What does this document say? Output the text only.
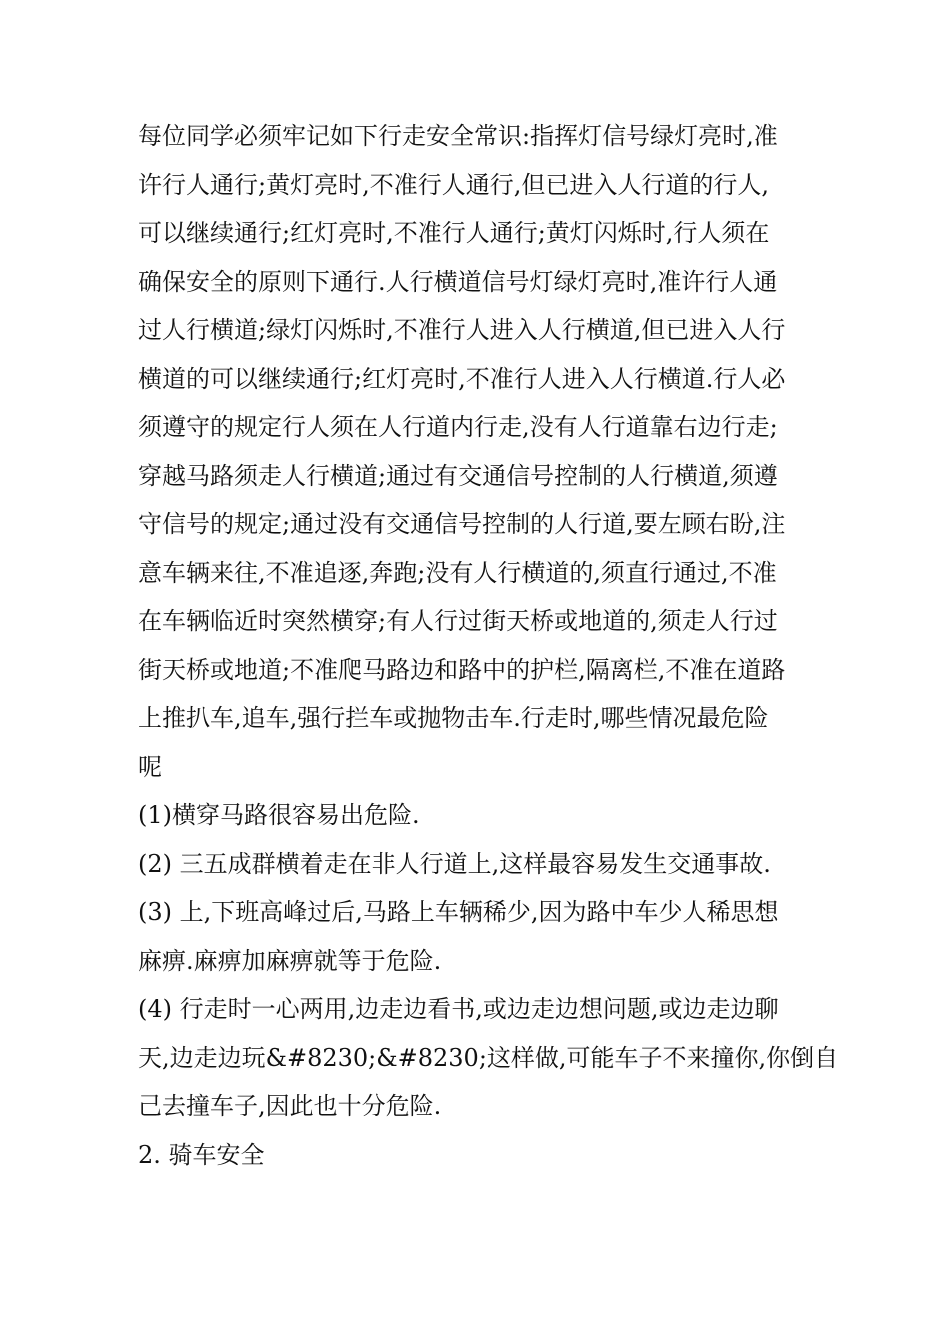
每位同学必须牢记如下行走安全常识:指挥灯信号绿灯亮时,准
许行人通行;黄灯亮时,不准行人通行,但已进入人行道的行人,
可以继续通行;红灯亮时,不准行人通行;黄灯闪烁时,行人须在
确保安全的原则下通行.人行横道信号灯绿灯亮时,准许行人通
过人行横道;绿灯闪烁时,不准行人进入人行横道,但已进入人行
横道的可以继续通行;红灯亮时,不准行人进入人行横道.行人必
须遵守的规定行人须在人行道内行走,没有人行道靠右边行走;
穿越马路须走人行横道;通过有交通信号控制的人行横道,须遵
守信号的规定;通过没有交通信号控制的人行道,要左顾右盼,注
意车辆来往,不准追逐,奔跑;没有人行横道的,须直行通过,不准
在车辆临近时突然横穿;有人行过街天桥或地道的,须走人行过
街天桥或地道;不准爬马路边和路中的护栏,隔离栏,不准在道路
上推扒车,追车,强行拦车或抛物击车.行走时,哪些情况最危险
呢
(1)横穿马路很容易出危险.
(2) 三五成群横着走在非人行道上,这样最容易发生交通事故.
(3) 上,下班高峰过后,马路上车辆稀少,因为路中车少人稀思想
麻痹.麻痹加麻痹就等于危险.
(4) 行走时一心两用,边走边看书,或边走边想问题,或边走边聊
天,边走边玩&#8230;&#8230;这样做,可能车子不来撞你,你倒自
己去撞车子,因此也十分危险.
2. 骑车安全
